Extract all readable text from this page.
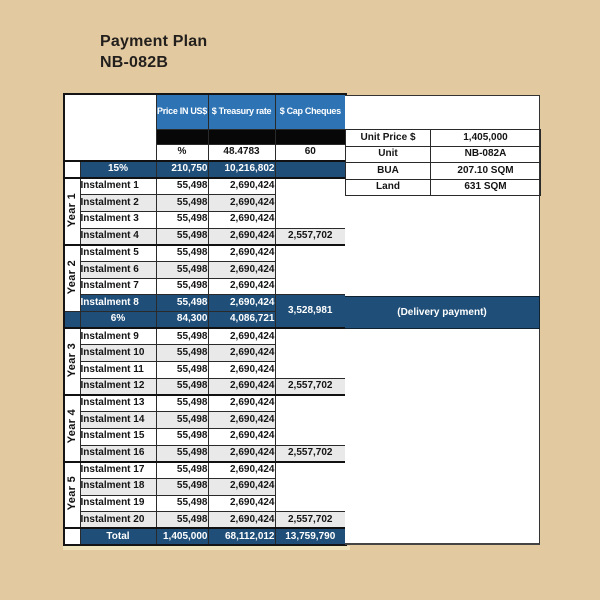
Payment Plan
NB-082B
		Price IN US$	$ Treasury rate	$ Cap Cheques

		%	48.4783	60
	15%	210,750	10,216,802	
Year 1	Instalment 1	55,498	2,690,424	
	Instalment 2	55,498	2,690,424	
	Instalment 3	55,498	2,690,424	
	Instalment 4	55,498	2,690,424	2,557,702
Year 2	Instalment 5	55,498	2,690,424	
	Instalment 6	55,498	2,690,424	
	Instalment 7	55,498	2,690,424	
	Instalment 8	55,498	2,690,424	3,528,981
	6%	84,300	4,086,721	
Year 3	Instalment 9	55,498	2,690,424	
	Instalment 10	55,498	2,690,424	
	Instalment 11	55,498	2,690,424	
	Instalment 12	55,498	2,690,424	2,557,702
Year 4	Instalment 13	55,498	2,690,424	
	Instalment 14	55,498	2,690,424	
	Instalment 15	55,498	2,690,424	
	Instalment 16	55,498	2,690,424	2,557,702
Year 5	Instalment 17	55,498	2,690,424	
	Instalment 18	55,498	2,690,424	
	Instalment 19	55,498	2,690,424	
	Instalment 20	55,498	2,690,424	2,557,702
	Total	1,405,000	68,112,012	13,759,790
Unit Price $	1,405,000
Unit	NB-082A
BUA	207.10 SQM
Land	631 SQM
(Delivery payment)
